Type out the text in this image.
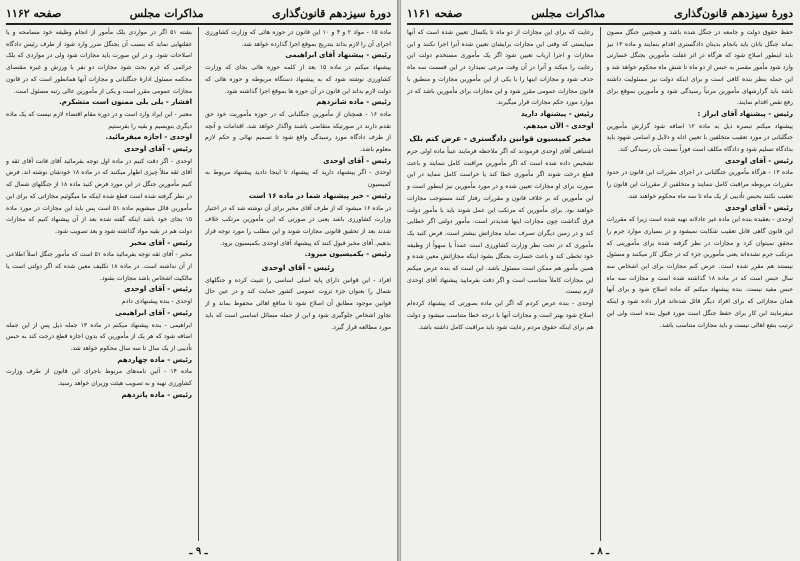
دورهٔ سیزدهم قانون‌گذاری
مذاکرات مجلس
صفحه ۱۱۶۲

ماده ۱۵ - مواد ۲ و ۴ و ۱۰ این قانون در حوزه هائی که وزارت کشاورزی اجرای آن را لازم بداند بتدریج بموقع اجرا گذارده خواهد شد.

رئیس - پیشنهاد آقای ابراهیمی

پیشنهاد میکنم در ماده ۱۵ بعد از کلمه حوزه هائی بجای که وزارت کشاورزی نوشته شود که به پیشنهاد دستگاه مربوطه و حوزه هائی که دولت لازم بداند این قانون در آن حوزه ها بموقع اجرا گذاشته شود.

رئیس - ماده شانزدهم

ماده ۱۶ - همچنان از مأمورین جنگلبانی که در حوزه مأموریت خود حق تقدم دارند در صورتیکه متقاضی باشند واگذار خواهد شد. اقدامات و آنچه از طرف دادگاه مورد رسیدگی واقع شود تا تصمیم نهائی و حکم لازم معلوم باشد.

رئیس - آقای اوحدی

اوحدی - اگر پیشنهاد دارید که پیشنهاد تا اینجا دادید پیشنهاد مربوط به کمیسیون

رئیس - خیر پیشنهاد شما در ماده ۱۶ است

در ماده ۱۶ میشود که از طرف آقای مخبر برای آن نوشته شد که در اختیار وزارت کشاورزی باشد یعنی در صورتی که این مأمورین مرتکب خلاف شدند بعد از تحقیق قانونی مجازات شوند و این مطلب را مورد توجه قرار بدهیم. آقای مخبر قبول کنند که پیشنهاد آقای اوحدی بکمیسیون برود.

رئیس - بکمیسیون میرود.

رئیس - آقای اوحدی

افراد - این قوانین دارای پایه اصلی اساسی را تثبیت کرده و جنگلهای شمال را بعنوان جزء ثروت عمومی کشور حمایت کند و در عین حال قوانین موجود مطابق آن اصلاح شود تا منافع اهالی محفوظ بماند و از تجاوز اشخاص جلوگیری شود و این از جمله مسائل اساسی است که باید مورد مطالعه قرار گیرد.

بشته ۵۱ اگر در مواردی بلک مأمور از انجام وظیفه خود مسامحه و یا غفلتهایی نماید که بسبب آن بجنگل ضرر وارد شود از طرف رئیس دادگاه اصلاحات شود. و در این صورت باید مجازات شود ولی در مواردی که بلک جرائمی که غرم بحث شود مجازات دو نفر با ورزش و غیره مقتصای محکمه مسئول ادارهٔ جنگلبانی و مجازات آنها همانطور است که در قانون مجازات عمومی مقرر است و یکی از مأمورین عالی رتبه مسئول است.

افشار - بلی بلی ممنون است متشکرم.

معتبر - این ایراد وارد است و در دوره مقام اقتضاء لازم نیست که یک ماده دیگری بنویسیم و بقیه را بفرستیم

اوحدی - اجازه میفرمائید.

رئیس - آقای اوحدی

اوحدی - اگر دقت کنیم در ماده اول توجه بفرمائید آقای قانت آقای ثقه و آقای ثقه مثلاً چیزی اظهار میکنند که در ماده ۱۸ خودشان نوشته اند. فرض کنیم مأمورین جنگل در این مورد فرض کنید ماده ۱۸ از جنگلهای شمال که در نظر گرفته شده است قطع شده اینکه ما میگوئیم مجازاتی که برای این مأمورین قائل میشویم ماده ۵۱ است پس باید این مجازات در مورد ماده ۱۵ بجای خود باشد اینکه گفته شده بعد از آن پیشنهاد کنیم که مجازات دولت هم در بقیه مواد گذاشته شود و بعد تصویب شود.

رئیس - آقای مخبر

مخبر - آقای ثقه توجه بفرمائید ماده ۵۱ است که مأمور جنگل اصلاً اطلاعی از آن نداشته است. در ماده ۱۸ تکلیف معین شده که اگر دولتی است یا مالکیت اشخاص باشد مجازات بشود.

رئیس - آقای اوحدی

اوحدی - بنده پیشنهادی دادم

رئیس - آقای ابراهیمی

ابراهیمی - بنده پیشنهاد میکنم در ماده ۱۳ جمله ذیل پس از این جمله اضافه شود که هر یک از مأمورین که بدون اجازه قطع درخت کند به حبس تأدیبی از یک سال تا سه سال محکوم خواهد شد.

رئیس - ماده چهاردهم

ماده ۱۴ - آئین نامه‌های مربوط باجرای این قانون از طرف وزارت کشاورزی تهیه و به تصویب هیئت وزیران خواهد رسید.

رئیس - ماده پانزدهم

ـ ۹ ـ
دورهٔ سیزدهم قانون‌گذاری
مذاکرات مجلس
صفحه ۱۱۶۱

حفظ حقوق دولت و جامعه در جنگل شده باشد و همچنین جنگل مصون بماند جنگل بانان باید بانجام بدینان دادگستری اقدام بنمایند و ماده ۱۳ نیز باید اینطور اصلاح شود که هرگاه در اثر غفلت مأمورین بجنگل خسارتی وارد شود مأمور مقصر به حبس از دو ماه تا شش ماه محکوم خواهد شد و این جمله بنظر بنده کافی است و برای اینکه دولت نیز مسئولیت داشته باشد باید گزارشهای مأمورین مرتباً رسیدگی شود و مأمورین بموقع برای رفع نقص اقدام نمایند.

رئیس - پیشنهاد آقای ابراز :

پیشنهاد میکنم تبصره ذیل به ماده ۱۲ اضافه شود گزارش مأمورین جنگلبانی در مورد تعقیب متخلفین با تعیین ادله و دلایل و اسامی شهود باید بدادگاه تسلیم شود و دادگاه مکلف است فوراً نسبت بآن رسیدگی کند.

رئیس - آقای اوحدی

ماده ۱۳ - هرگاه مأمورین جنگلبانی در اجرای مقررات این قانون در حدود مقررات مربوطه مراقبت کامل ننمایند و متخلفین از مقررات این قانون را تعقیب نکنند بحبس تأدیبی از یک ماه تا سه ماه محکوم خواهند شد.

رئیس - آقای اوحدی

اوحدی - بعقیده بنده این ماده غیر عادلانه تهیه شده است زیرا که مقررات این قانون گاهی قابل تعقیب شکایت نمیشود و در بسیاری موارد جرم را محقق نمیتوان کرد و مجازات در نظر گرفته شده برای مأمورینی که مرتکب جرم نشده‌اند یعنی مأمورین جزء که در جنگل کار میکنند و مسئول نیستند هم مقرر شده است. عرض کنم مجازات برای این اشخاص سه سال حبس است که در ماده ۱۸ گذاشته شده است و مجازات سه ماه حبس مفید نیست. بنده پیشنهاد میکنم که ماده اصلاح شود و برای آنها همان مجازاتی که برای افراد دیگر قائل شده‌اند قرار داده شود و اینکه میفرمایند این کار برای حفظ جنگل است مورد قبول بنده است ولی این ترتیب بنفع اهالی نیست و باید مجازات متناسب باشد.

رعایت که برای این مجازات از دو ماه تا یکسال تعیین شده است که آنها میبایستی که وقتی این مجازات برایشان تعیین شده آنرا اجرا نکنند و این مجازات و اجرا ارباب تعیین شود اگر یک مأموری مستخدم دولت این رعایت را میکند و آنرا در آن وقت مرعی نمیدارد در این قسمت سه ماه حذف شود و مجازات اینها را با یکی از این مأمورین مجازات و منطبق با قانون مجازات عمومی مقرر شود و این مجازات برای مأمورین باشد که در موارد مورد حکم مجازات قرار میگیرند.

رئیس - پیشنهاد دارید

اوحدی - الآن میدهم.

مخبر کمیسیون قوانین دادگستری - عرض کنم بلک

اشتباهی آقای اوحدی فرمودند که اگر ملاحظه فرمایند عیناً ماده اولی جرم تشخیص داده شده است که اگر مأمورین مراقبت کامل ننمایند و باعث قطع درخت شوند اگر مأموری خطا کند یا حراست کامل ننماید در این صورت برای او مجازات تعیین شده و در مورد مأمورین نیز اینطور است و این مأمورین که بر خلاف قانون و مقررات رفتار کنند مستوجب مجازات خواهند بود. برای مأمورین که مرتکب این عمل شوند باید با مأمور دولت فرق گذاشت چون مجازات اینها شدیدتر است. مأمور دولتی اگر خطایی کند و در زمین دیگران تصرف نماید مجازاتش بیشتر است. فرض کنید یک مأموری که در تحت نظر وزارت کشاورزی است عمداً یا سهواً از وظیفه خود تخطی کند و باعث خسارت بجنگل بشود اینکه مجازاتش معین شده و همین مأمور هم ممکن است مسئول باشد. این است که بنده عرض میکنم این مجازات کاملاً متناسب است و اگر دقت بفرمایید پیشنهاد آقای اوحدی لازم نیست.

اوحدی - بنده عرض کردم که اگر این ماده بصورتی که پیشنهاد کرده‌ام اصلاح شود بهتر است و مجازات آنها با درجه خطا متناسب میشود و دولت هم برای اینکه حقوق مردم رعایت شود باید مراقبت کامل داشته باشد.

ـ ۸ ـ
